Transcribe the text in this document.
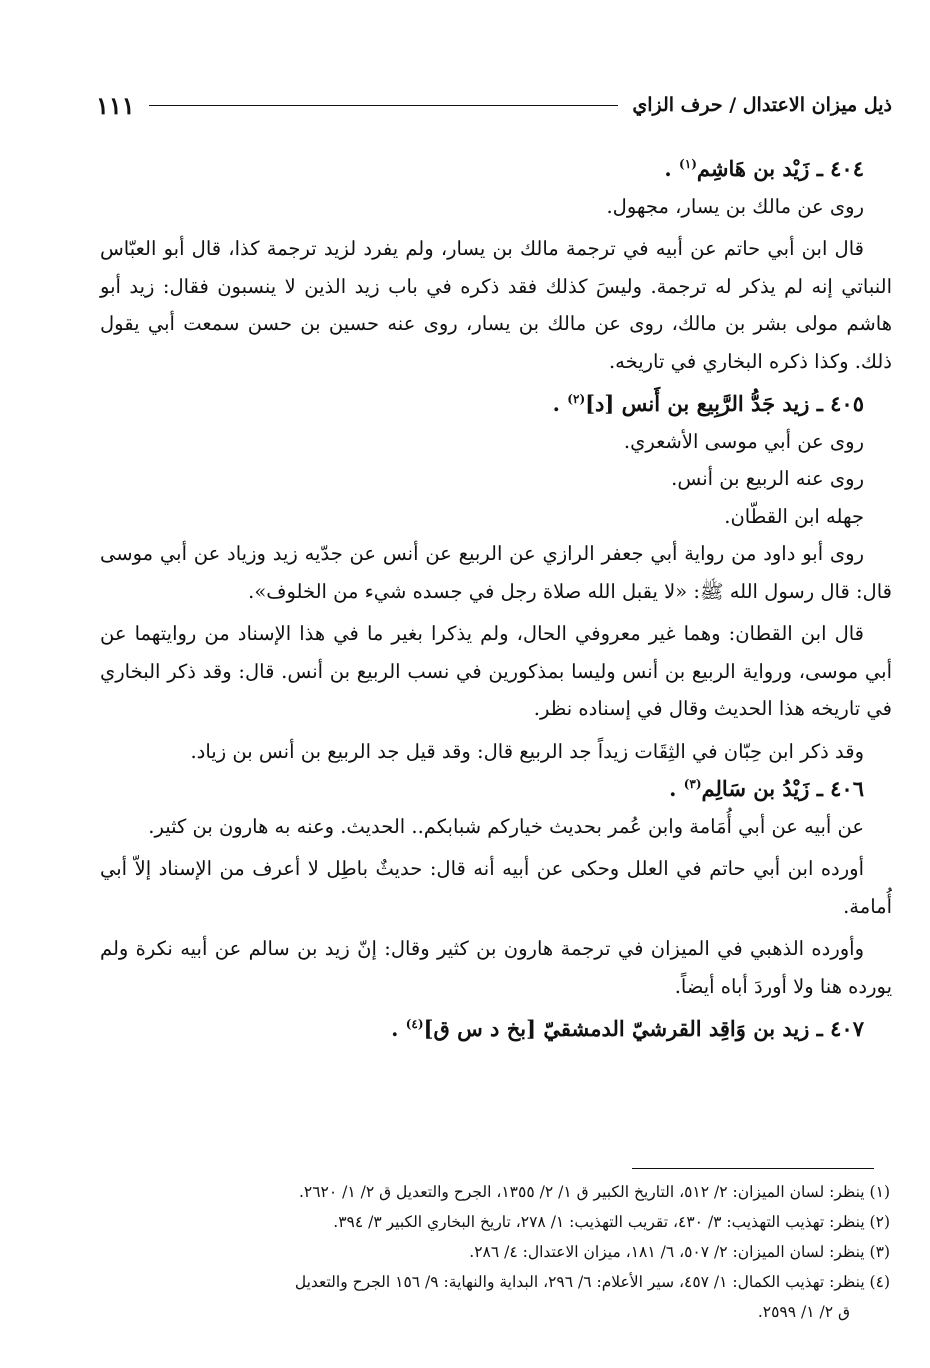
ذيل ميزان الاعتدال / حرف الزاي
١١١

٤٠٤ ـ زَيْد بن هَاشِم$^{(١)}$ .

روى عن مالك بن يسار، مجهول.

قال ابن أبي حاتم عن أبيه في ترجمة مالك بن يسار، ولم يفرد لزيد ترجمة كذا، قال أبو العبّاس النباتي إنه لم يذكر له ترجمة. وليسَ كذلك فقد ذكره في باب زيد الذين لا ينسبون فقال: زيد أبو هاشم مولى بشر بن مالك، روى عن مالك بن يسار، روى عنه حسين بن حسن سمعت أبي يقول ذلك. وكذا ذكره البخاري في تاريخه.

٤٠٥ ـ زيد جَدُّ الرَّبِيع بن أَنس [د]$^{(٢)}$ .

روى عن أبي موسى الأشعري.

روى عنه الربيع بن أنس.

جهله ابن القطّان.

روى أبو داود من رواية أبي جعفر الرازي عن الربيع عن أنس عن جدّيه زيد وزياد عن أبي موسى قال: قال رسول الله ﷺ: «لا يقبل الله صلاة رجل في جسده شيء من الخلوف».

قال ابن القطان: وهما غير معروفي الحال، ولم يذكرا بغير ما في هذا الإسناد من روايتهما عن أبي موسى، ورواية الربيع بن أنس وليسا بمذكورين في نسب الربيع بن أنس. قال: وقد ذكر البخاري في تاريخه هذا الحديث وقال في إسناده نظر.

وقد ذكر ابن حِبّان في الثِقَات زيداً جد الربيع قال: وقد قيل جد الربيع بن أنس بن زياد.

٤٠٦ ـ زَيْدُ بن سَالِم$^{(٣)}$ .

عن أبيه عن أبي أُمَامة وابن عُمر بحديث خياركم شبابكم.. الحديث. وعنه به هارون بن كثير.

أورده ابن أبي حاتم في العلل وحكى عن أبيه أنه قال: حديثٌ باطِل لا أعرف من الإسناد إلاّ أبي أُمامة.

وأورده الذهبي في الميزان في ترجمة هارون بن كثير وقال: إنّ زيد بن سالم عن أبيه نكرة ولم يورده هنا ولا أوردَ أباه أيضاً.

٤٠٧ ـ زيد بن وَاقِد القرشيّ الدمشقيّ [بخ د س ق]$^{(٤)}$ .

(١) ينظر: لسان الميزان: ٢/ ٥١٢، التاريخ الكبير ق ١/ ٢/ ١٣٥٥، الجرح والتعديل ق ٢/ ١/ ٢٦٢٠.

(٢) ينظر: تهذيب التهذيب: ٣/ ٤٣٠، تقريب التهذيب: ١/ ٢٧٨، تاريخ البخاري الكبير ٣/ ٣٩٤.

(٣) ينظر: لسان الميزان: ٢/ ٥٠٧، ٦/ ١٨١، ميزان الاعتدال: ٤/ ٢٨٦.

(٤) ينظر: تهذيب الكمال: ١/ ٤٥٧، سير الأعلام: ٦/ ٢٩٦، البداية والنهاية: ٩/ ١٥٦ الجرح والتعديل

ق ٢/ ١/ ٢٥٩٩.
